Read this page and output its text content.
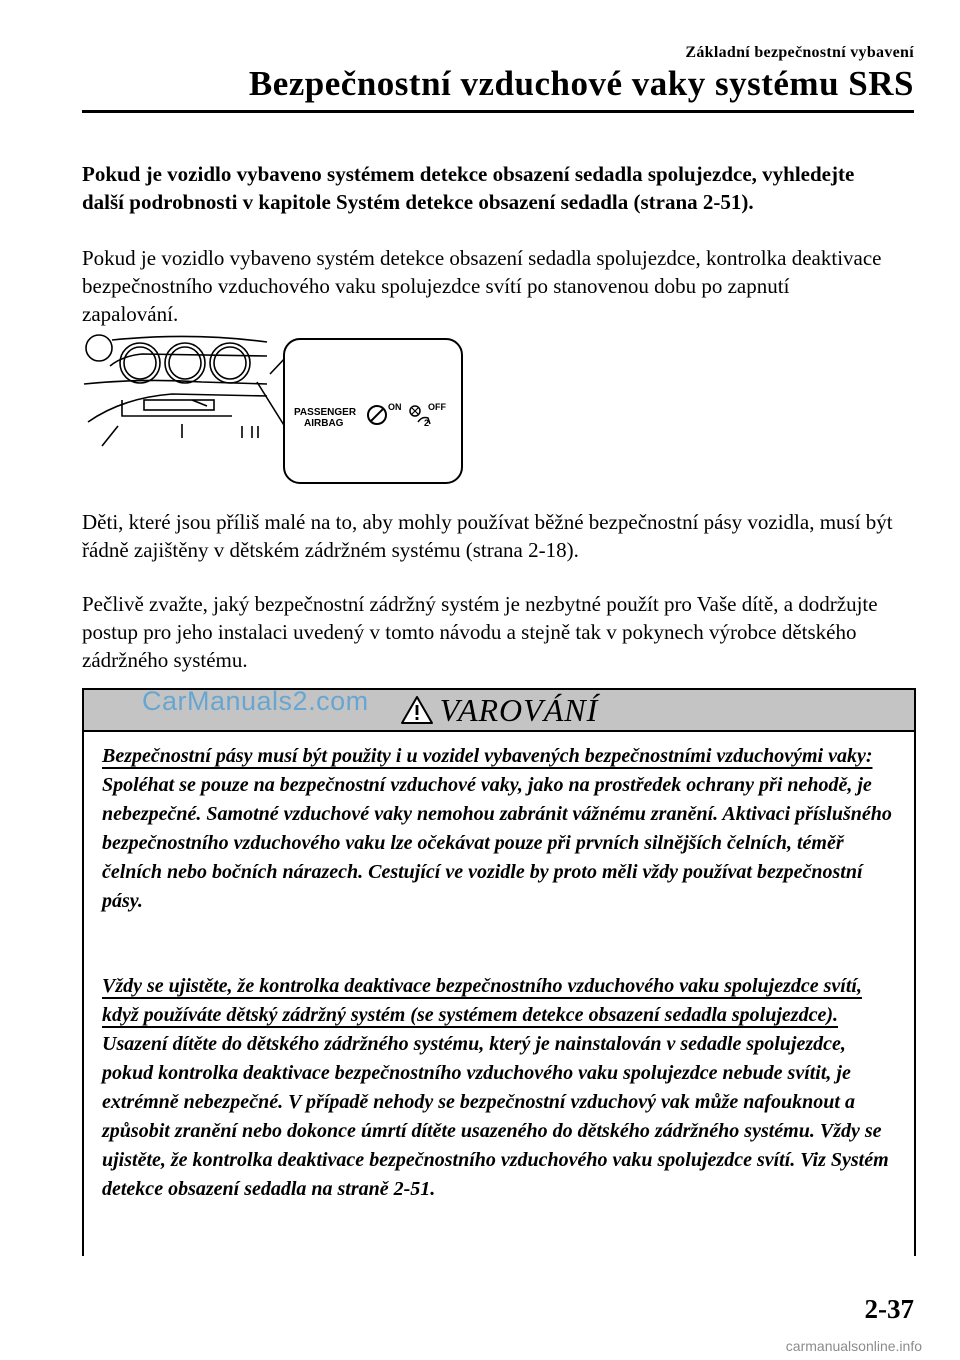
Základní bezpečnostní vybavení
Bezpečnostní vzduchové vaky systému SRS
Pokud je vozidlo vybaveno systémem detekce obsazení sedadla spolujezdce, vyhledejte další podrobnosti v kapitole Systém detekce obsazení sedadla (strana 2-51).
Pokud je vozidlo vybaveno systém detekce obsazení sedadla spolujezdce, kontrolka deaktivace bezpečnostního vzduchového vaku spolujezdce svítí po stanovenou dobu po zapnutí zapalování.
PASSENGER
AIRBAG
ON
2
OFF
Děti, které jsou příliš malé na to, aby mohly používat běžné bezpečnostní pásy vozidla, musí být řádně zajištěny v dětském zádržném systému (strana 2-18).
Pečlivě zvažte, jaký bezpečnostní zádržný systém je nezbytné použít pro Vaše dítě, a dodržujte postup pro jeho instalaci uvedený v tomto návodu a stejně tak v pokynech výrobce dětského zádržného systému.
VAROVÁNÍ
Bezpečnostní pásy musí být použity i u vozidel vybavených bezpečnostními vzduchovými vaky:
Spoléhat se pouze na bezpečnostní vzduchové vaky, jako na prostředek ochrany při nehodě, je nebezpečné. Samotné vzduchové vaky nemohou zabránit vážnému zranění. Aktivaci příslušného bezpečnostního vzduchového vaku lze očekávat pouze při prvních silnějších čelních, téměř čelních nebo bočních nárazech. Cestující ve vozidle by proto měli vždy používat bezpečnostní pásy.
Vždy se ujistěte, že kontrolka deaktivace bezpečnostního vzduchového vaku spolujezdce svítí, když používáte dětský zádržný systém (se systémem detekce obsazení sedadla spolujezdce).
Usazení dítěte do dětského zádržného systému, který je nainstalován v sedadle spolujezdce, pokud kontrolka deaktivace bezpečnostního vzduchového vaku spolujezdce nebude svítit, je extrémně nebezpečné. V případě nehody se bezpečnostní vzduchový vak může nafouknout a způsobit zranění nebo dokonce úmrtí dítěte usazeného do dětského zádržného systému. Vždy se ujistěte, že kontrolka deaktivace bezpečnostního vzduchového vaku spolujezdce svítí. Viz Systém detekce obsazení sedadla na straně 2-51.
CarManuals2.com
2-37
carmanualsonline.info
